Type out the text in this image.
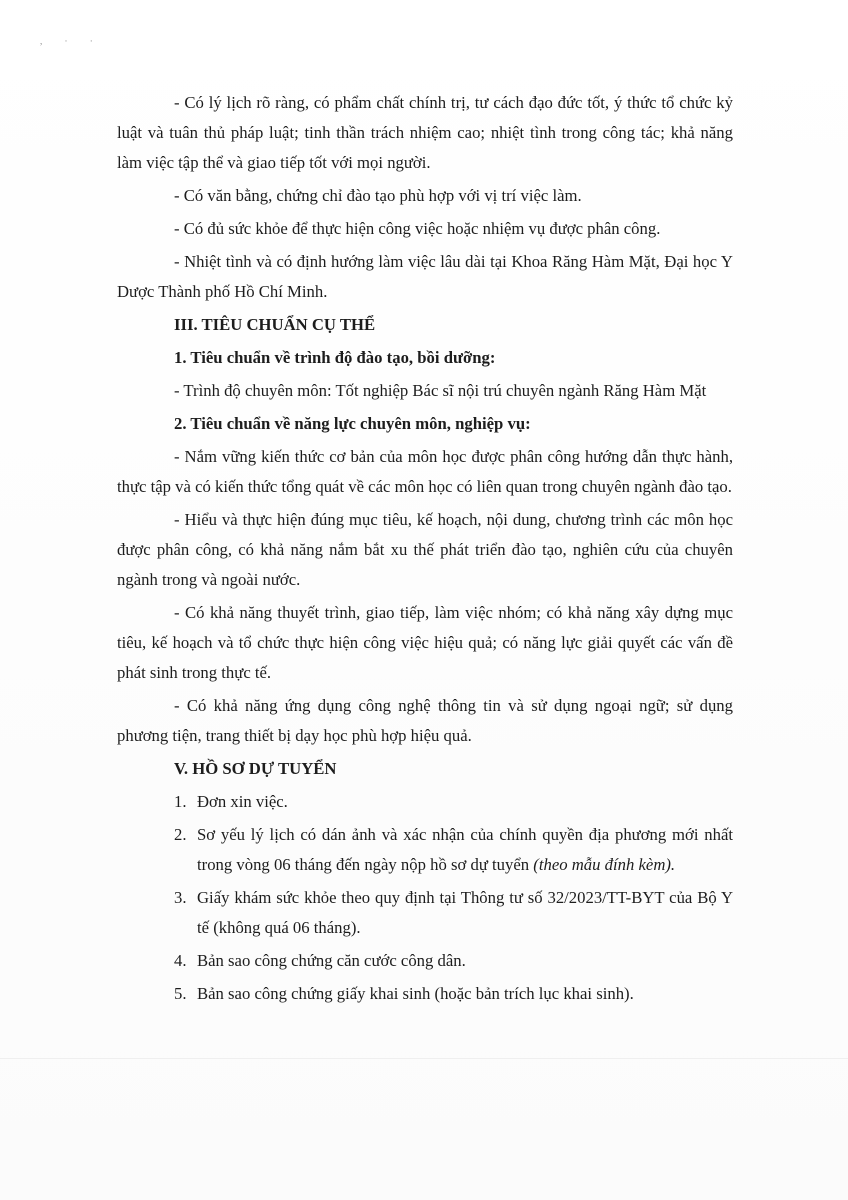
, · ·

- Có lý lịch rõ ràng, có phẩm chất chính trị, tư cách đạo đức tốt, ý thức tổ chức kỷ luật và tuân thủ pháp luật; tinh thần trách nhiệm cao; nhiệt tình trong công tác; khả năng làm việc tập thể và giao tiếp tốt với mọi người.

- Có văn bằng, chứng chỉ đào tạo phù hợp với vị trí việc làm.

- Có đủ sức khỏe để thực hiện công việc hoặc nhiệm vụ được phân công.

- Nhiệt tình và có định hướng làm việc lâu dài tại Khoa Răng Hàm Mặt, Đại học Y Dược Thành phố Hồ Chí Minh.

III. TIÊU CHUẨN CỤ THỂ

1. Tiêu chuẩn về trình độ đào tạo, bồi dưỡng:

- Trình độ chuyên môn: Tốt nghiệp Bác sĩ nội trú chuyên ngành Răng Hàm Mặt

2. Tiêu chuẩn về năng lực chuyên môn, nghiệp vụ:

- Nắm vững kiến thức cơ bản của môn học được phân công hướng dẫn thực hành, thực tập và có kiến thức tổng quát về các môn học có liên quan trong chuyên ngành đào tạo.

- Hiểu và thực hiện đúng mục tiêu, kế hoạch, nội dung, chương trình các môn học được phân công, có khả năng nắm bắt xu thế phát triển đào tạo, nghiên cứu của chuyên ngành trong và ngoài nước.

- Có khả năng thuyết trình, giao tiếp, làm việc nhóm; có khả năng xây dựng mục tiêu, kế hoạch và tổ chức thực hiện công việc hiệu quả; có năng lực giải quyết các vấn đề phát sinh trong thực tế.

- Có khả năng ứng dụng công nghệ thông tin và sử dụng ngoại ngữ; sử dụng phương tiện, trang thiết bị dạy học phù hợp hiệu quả.

V. HỒ SƠ DỰ TUYỂN

1. Đơn xin việc.
2. Sơ yếu lý lịch có dán ảnh và xác nhận của chính quyền địa phương mới nhất trong vòng 06 tháng đến ngày nộp hồ sơ dự tuyển (theo mẫu đính kèm).
3. Giấy khám sức khỏe theo quy định tại Thông tư số 32/2023/TT-BYT của Bộ Y tế (không quá 06 tháng).
4. Bản sao công chứng căn cước công dân.
5. Bản sao công chứng giấy khai sinh (hoặc bản trích lục khai sinh).
